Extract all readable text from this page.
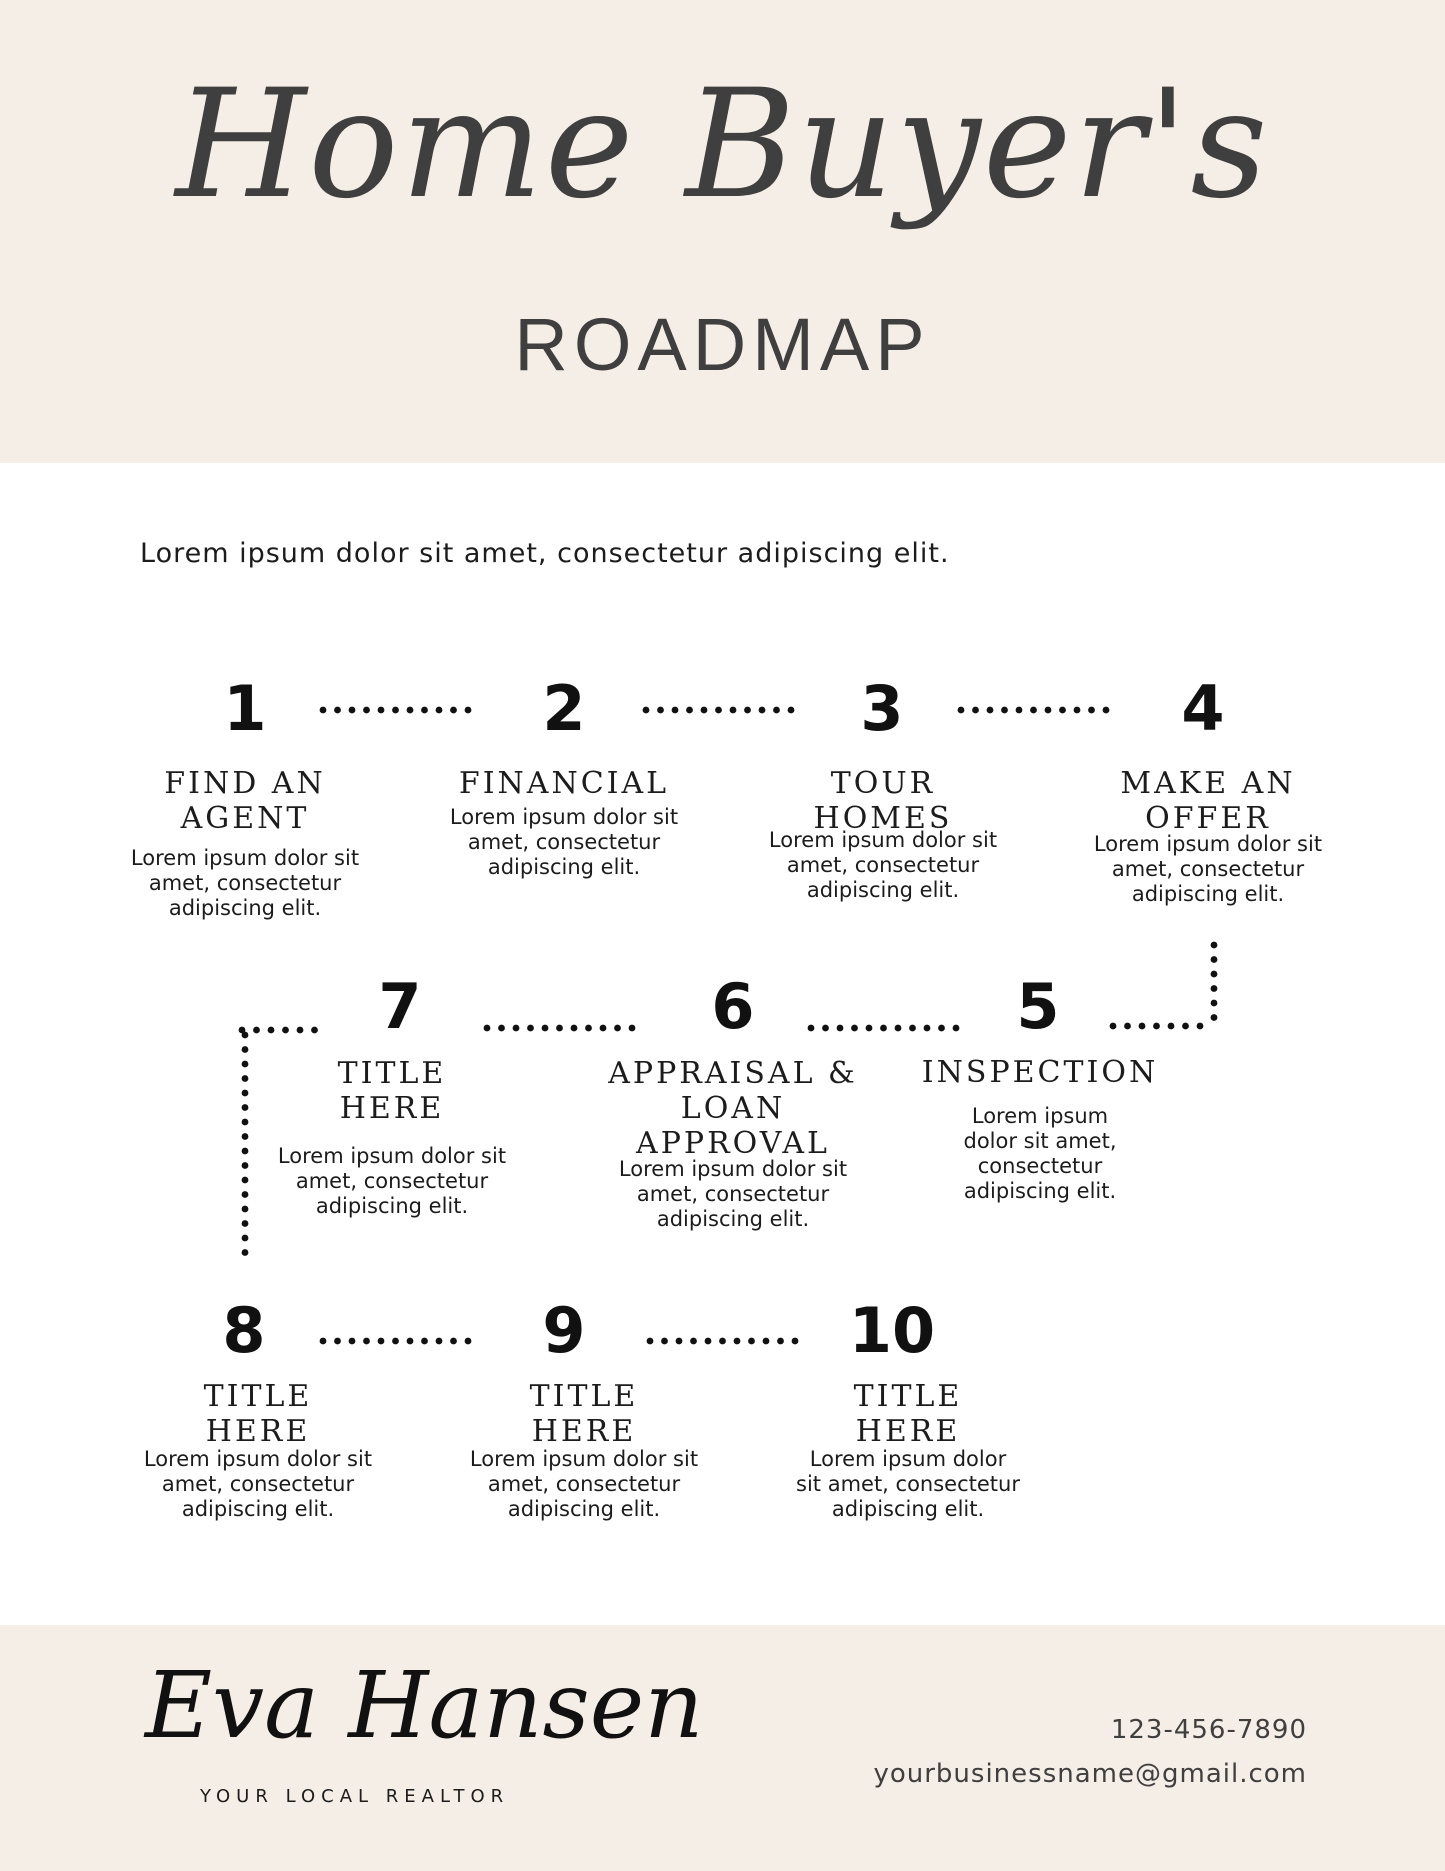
Home Buyer's
ROADMAP
Lorem ipsum dolor sit amet, consectetur adipiscing elit.
1	2	3	4
5
6
7
8	9	10
FIND AN
AGENT
Lorem ipsum dolor sit
amet, consectetur
adipiscing elit.
FINANCIAL
Lorem ipsum dolor sit
amet, consectetur
adipiscing elit.
TOUR
HOMES
Lorem ipsum dolor sit
amet, consectetur
adipiscing elit.
MAKE AN
OFFER
Lorem ipsum dolor sit
amet, consectetur
adipiscing elit.
INSPECTION
Lorem ipsum
dolor sit amet,
consectetur
adipiscing elit.
APPRAISAL &
LOAN
APPROVAL
Lorem ipsum dolor sit
amet, consectetur
adipiscing elit.
TITLE
HERE
Lorem ipsum dolor sit
amet, consectetur
adipiscing elit.
TITLE
HERE
Lorem ipsum dolor sit
amet, consectetur
adipiscing elit.
TITLE
HERE
Lorem ipsum dolor sit
amet, consectetur
adipiscing elit.
TITLE
HERE
Lorem ipsum dolor
sit amet, consectetur
adipiscing elit.
Eva Hansen
YOUR LOCAL REALTOR
123-456-7890
yourbusinessname@gmail.com
